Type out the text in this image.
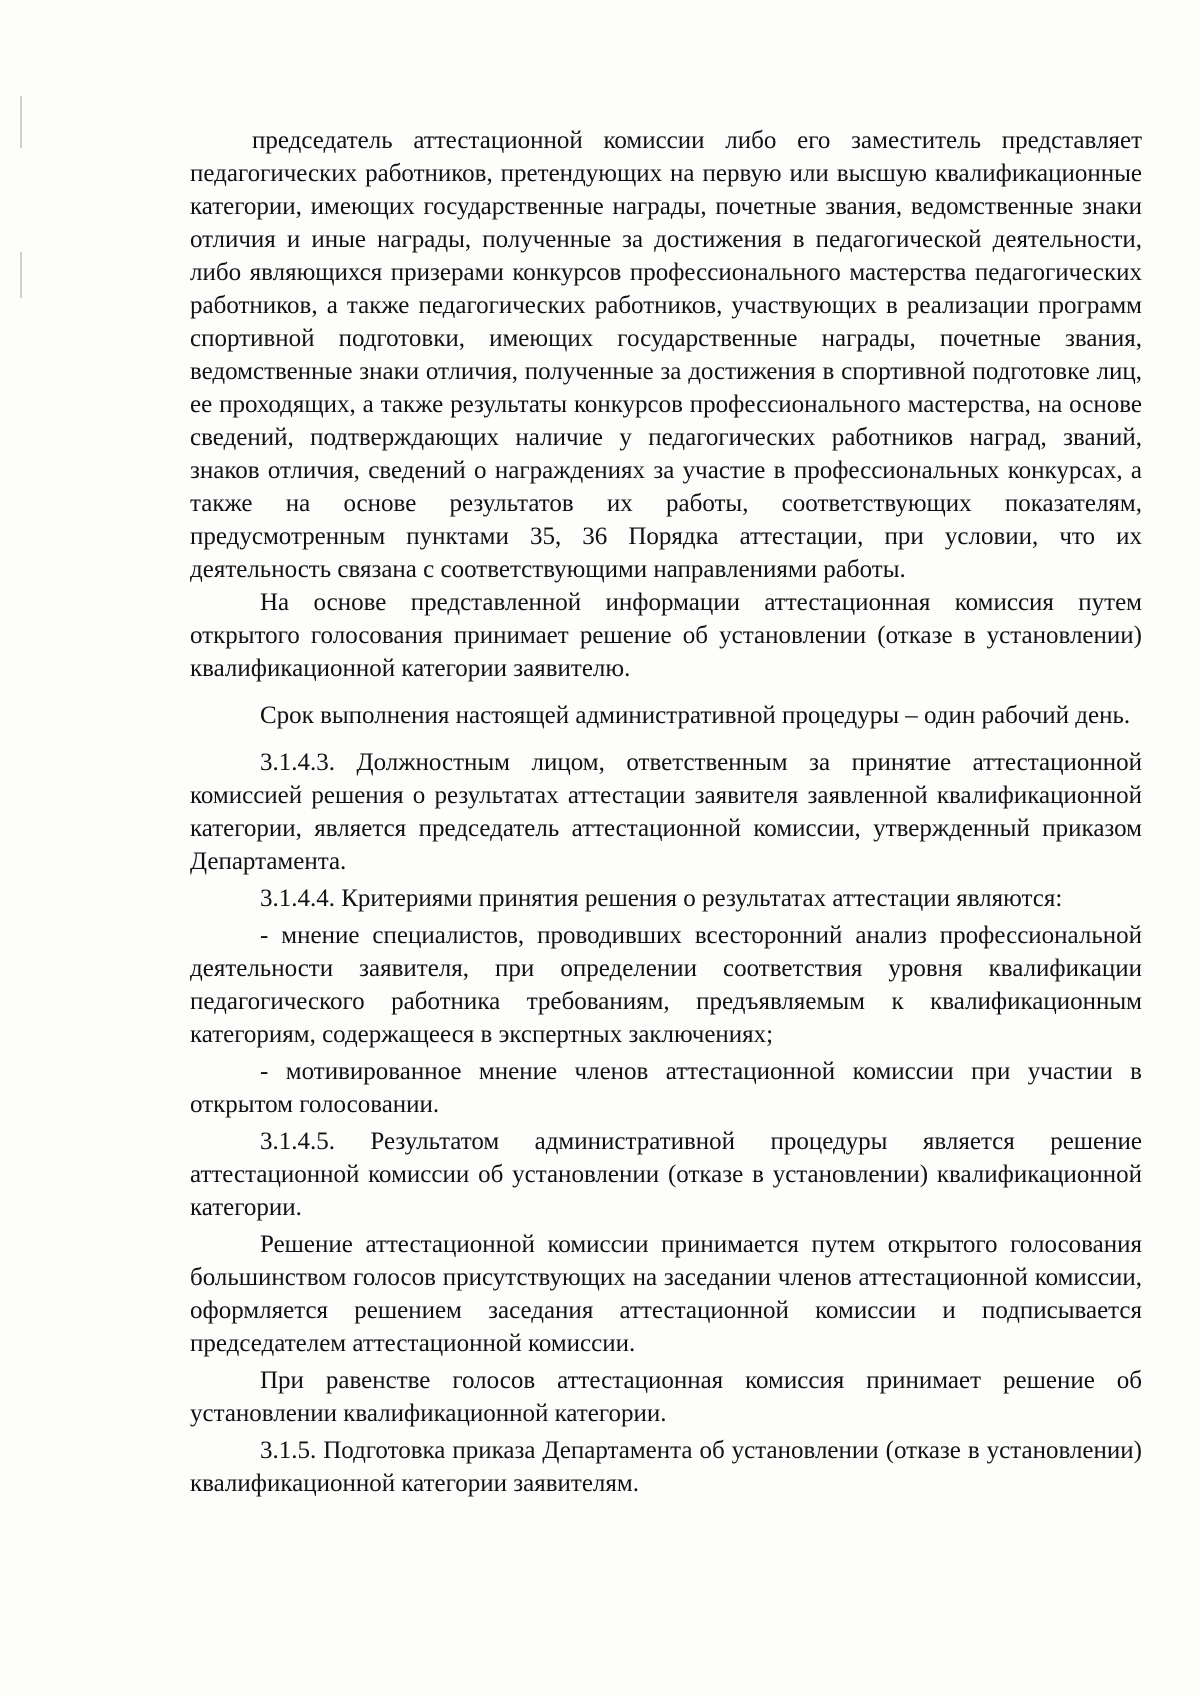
председатель аттестационной комиссии либо его заместитель представляет педагогических работников, претендующих на первую или высшую квалификационные категории, имеющих государственные награды, почетные звания, ведомственные знаки отличия и иные награды, полученные за достижения в педагогической деятельности, либо являющихся призерами конкурсов профессионального мастерства педагогических работников, а также педагогических работников, участвующих в реализации программ спортивной подготовки, имеющих государственные награды, почетные звания, ведомственные знаки отличия, полученные за достижения в спортивной подготовке лиц, ее проходящих, а также результаты конкурсов профессионального мастерства, на основе сведений, подтверждающих наличие у педагогических работников наград, званий, знаков отличия, сведений о награждениях за участие в профессиональных конкурсах, а также на основе результатов их работы, соответствующих показателям, предусмотренным пунктами 35, 36 Порядка аттестации, при условии, что их деятельность связана с соответствующими направлениями работы.

На основе представленной информации аттестационная комиссия путем открытого голосования принимает решение об установлении (отказе в установлении) квалификационной категории заявителю.

Срок выполнения настоящей административной процедуры – один рабочий день.

3.1.4.3. Должностным лицом, ответственным за принятие аттестационной комиссией решения о результатах аттестации заявителя заявленной квалификационной категории, является председатель аттестационной комиссии, утвержденный приказом Департамента.

3.1.4.4. Критериями принятия решения о результатах аттестации являются:

- мнение специалистов, проводивших всесторонний анализ профессиональной деятельности заявителя, при определении соответствия уровня квалификации педагогического работника требованиям, предъявляемым к квалификационным категориям, содержащееся в экспертных заключениях;

- мотивированное мнение членов аттестационной комиссии при участии в открытом голосовании.

3.1.4.5. Результатом административной процедуры является решение аттестационной комиссии об установлении (отказе в установлении) квалификационной категории.

Решение аттестационной комиссии принимается путем открытого голосования большинством голосов присутствующих на заседании членов аттестационной комиссии, оформляется решением заседания аттестационной комиссии и подписывается председателем аттестационной комиссии.

При равенстве голосов аттестационная комиссия принимает решение об установлении квалификационной категории.

3.1.5. Подготовка приказа Департамента об установлении (отказе в установлении) квалификационной категории заявителям.
